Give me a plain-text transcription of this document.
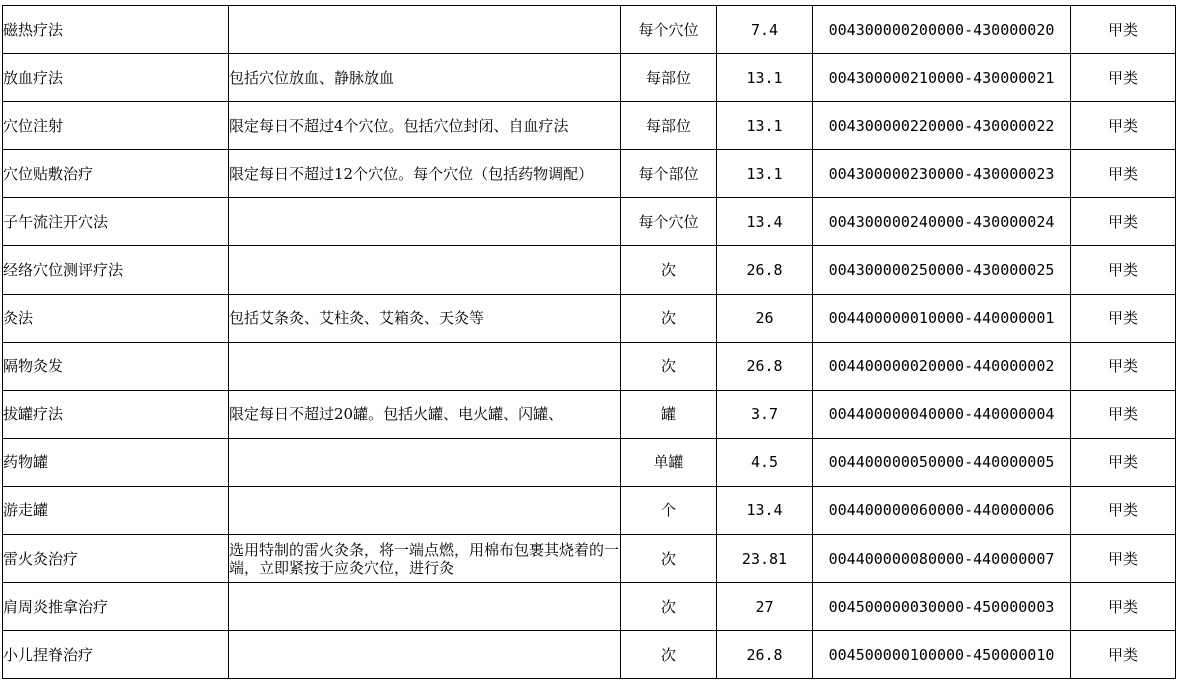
磁热疗法		每个穴位	7.4	004300000200000-430000020	甲类
放血疗法	包括穴位放血、静脉放血	每部位	13.1	004300000210000-430000021	甲类
穴位注射	限定每日不超过4个穴位。包括穴位封闭、自血疗法	每部位	13.1	004300000220000-430000022	甲类
穴位贴敷治疗	限定每日不超过12个穴位。每个穴位（包括药物调配）	每个部位	13.1	004300000230000-430000023	甲类
子午流注开穴法		每个穴位	13.4	004300000240000-430000024	甲类
经络穴位测评疗法		次	26.8	004300000250000-430000025	甲类
灸法	包括艾条灸、艾柱灸、艾箱灸、天灸等	次	26	004400000010000-440000001	甲类
隔物灸发		次	26.8	004400000020000-440000002	甲类
拔罐疗法	限定每日不超过20罐。包括火罐、电火罐、闪罐、	罐	3.7	004400000040000-440000004	甲类
药物罐		单罐	4.5	004400000050000-440000005	甲类
游走罐		个	13.4	004400000060000-440000006	甲类
雷火灸治疗	选用特制的雷火灸条，将一端点燃，用棉布包裹其烧着的一端，立即紧按于应灸穴位，进行灸	次	23.81	004400000080000-440000007	甲类
肩周炎推拿治疗		次	27	004500000030000-450000003	甲类
小儿捏脊治疗		次	26.8	004500000100000-450000010	甲类
